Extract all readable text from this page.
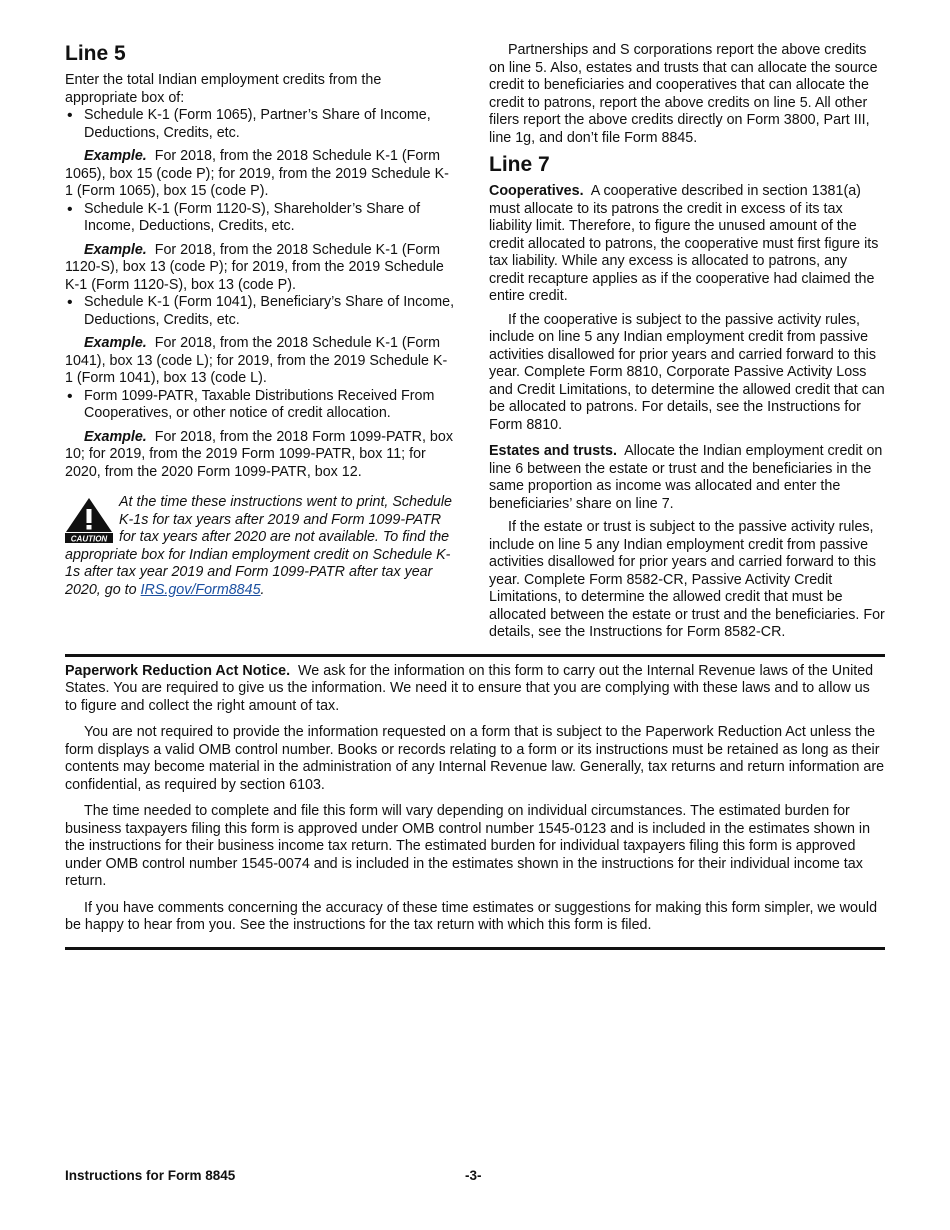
Line 5

Enter the total Indian employment credits from the appropriate box of:

• Schedule K-1 (Form 1065), Partner’s Share of Income, Deductions, Credits, etc.

Example. For 2018, from the 2018 Schedule K-1 (Form 1065), box 15 (code P); for 2019, from the 2019 Schedule K-1 (Form 1065), box 15 (code P).

• Schedule K-1 (Form 1120-S), Shareholder’s Share of Income, Deductions, Credits, etc.

Example. For 2018, from the 2018 Schedule K-1 (Form 1120-S), box 13 (code P); for 2019, from the 2019 Schedule K-1 (Form 1120-S), box 13 (code P).

• Schedule K-1 (Form 1041), Beneficiary’s Share of Income, Deductions, Credits, etc.

Example. For 2018, from the 2018 Schedule K-1 (Form 1041), box 13 (code L); for 2019, from the 2019 Schedule K-1 (Form 1041), box 13 (code L).

• Form 1099-PATR, Taxable Distributions Received From Cooperatives, or other notice of credit allocation.

Example. For 2018, from the 2018 Form 1099-PATR, box 10; for 2019, from the 2019 Form 1099-PATR, box 11; for 2020, from the 2020 Form 1099-PATR, box 12.

CAUTION
At the time these instructions went to print, Schedule K-1s for tax years after 2019 and Form 1099-PATR for tax years after 2020 are not available. To find the appropriate box for Indian employment credit on Schedule K-1s after tax year 2019 and Form 1099-PATR after tax year 2020, go to IRS.gov/Form8845.

Partnerships and S corporations report the above credits on line 5. Also, estates and trusts that can allocate the source credit to beneficiaries and cooperatives that can allocate the credit to patrons, report the above credits on line 5. All other filers report the above credits directly on Form 3800, Part III, line 1g, and don’t file Form 8845.

Line 7

Cooperatives. A cooperative described in section 1381(a) must allocate to its patrons the credit in excess of its tax liability limit. Therefore, to figure the unused amount of the credit allocated to patrons, the cooperative must first figure its tax liability. While any excess is allocated to patrons, any credit recapture applies as if the cooperative had claimed the entire credit.

If the cooperative is subject to the passive activity rules, include on line 5 any Indian employment credit from passive activities disallowed for prior years and carried forward to this year. Complete Form 8810, Corporate Passive Activity Loss and Credit Limitations, to determine the allowed credit that can be allocated to patrons. For details, see the Instructions for Form 8810.

Estates and trusts. Allocate the Indian employment credit on line 6 between the estate or trust and the beneficiaries in the same proportion as income was allocated and enter the beneficiaries’ share on line 7.

If the estate or trust is subject to the passive activity rules, include on line 5 any Indian employment credit from passive activities disallowed for prior years and carried forward to this year. Complete Form 8582-CR, Passive Activity Credit Limitations, to determine the allowed credit that must be allocated between the estate or trust and the beneficiaries. For details, see the Instructions for Form 8582-CR.

Paperwork Reduction Act Notice. We ask for the information on this form to carry out the Internal Revenue laws of the United States. You are required to give us the information. We need it to ensure that you are complying with these laws and to allow us to figure and collect the right amount of tax.

You are not required to provide the information requested on a form that is subject to the Paperwork Reduction Act unless the form displays a valid OMB control number. Books or records relating to a form or its instructions must be retained as long as their contents may become material in the administration of any Internal Revenue law. Generally, tax returns and return information are confidential, as required by section 6103.

The time needed to complete and file this form will vary depending on individual circumstances. The estimated burden for business taxpayers filing this form is approved under OMB control number 1545-0123 and is included in the estimates shown in the instructions for their business income tax return. The estimated burden for individual taxpayers filing this form is approved under OMB control number 1545-0074 and is included in the estimates shown in the instructions for their individual income tax return.

If you have comments concerning the accuracy of these time estimates or suggestions for making this form simpler, we would be happy to hear from you. See the instructions for the tax return with which this form is filed.

Instructions for Form 8845	-3-
